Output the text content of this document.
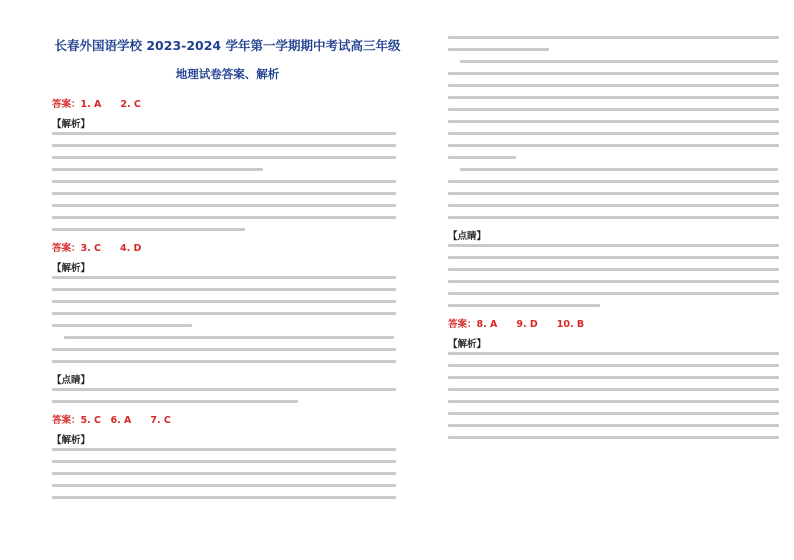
长春外国语学校 2023-2024 学年第一学期期中考试高三年级
地理试卷答案、解析
答案：1. A　　2. C
【解析】
答案：3. C　　4. D
【解析】
【点睛】
答案：5. C　6. A　　7. C
【解析】
【点睛】
答案：8. A　　9. D　　10. B
【解析】
